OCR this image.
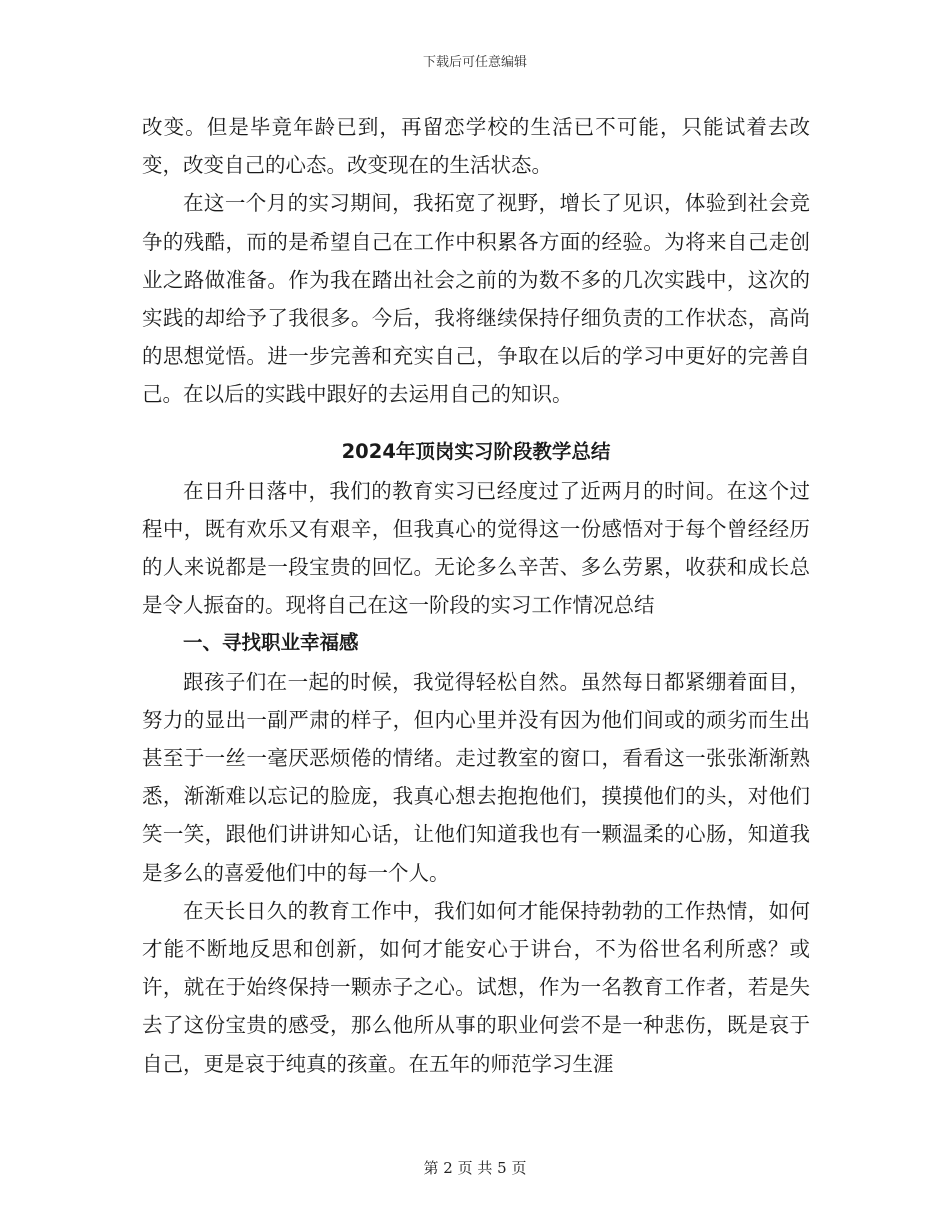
下载后可任意编辑

改变。但是毕竟年龄已到，再留恋学校的生活已不可能，只能试着去改变，改变自己的心态。改变现在的生活状态。

在这一个月的实习期间，我拓宽了视野，增长了见识，体验到社会竞争的残酷，而的是希望自己在工作中积累各方面的经验。为将来自己走创业之路做准备。作为我在踏出社会之前的为数不多的几次实践中，这次的实践的却给予了我很多。今后，我将继续保持仔细负责的工作状态，高尚的思想觉悟。进一步完善和充实自己，争取在以后的学习中更好的完善自己。在以后的实践中跟好的去运用自己的知识。

2024年顶岗实习阶段教学总结

在日升日落中，我们的教育实习已经度过了近两月的时间。在这个过程中，既有欢乐又有艰辛，但我真心的觉得这一份感悟对于每个曾经经历的人来说都是一段宝贵的回忆。无论多么辛苦、多么劳累，收获和成长总是令人振奋的。现将自己在这一阶段的实习工作情况总结

一、寻找职业幸福感

跟孩子们在一起的时候，我觉得轻松自然。虽然每日都紧绷着面目，努力的显出一副严肃的样子，但内心里并没有因为他们间或的顽劣而生出甚至于一丝一毫厌恶烦倦的情绪。走过教室的窗口，看看这一张张渐渐熟悉，渐渐难以忘记的脸庞，我真心想去抱抱他们，摸摸他们的头，对他们笑一笑，跟他们讲讲知心话，让他们知道我也有一颗温柔的心肠，知道我是多么的喜爱他们中的每一个人。

在天长日久的教育工作中，我们如何才能保持勃勃的工作热情，如何才能不断地反思和创新，如何才能安心于讲台，不为俗世名利所惑？或许，就在于始终保持一颗赤子之心。试想，作为一名教育工作者，若是失去了这份宝贵的感受，那么他所从事的职业何尝不是一种悲伤，既是哀于自己，更是哀于纯真的孩童。在五年的师范学习生涯

第 2 页 共 5 页
